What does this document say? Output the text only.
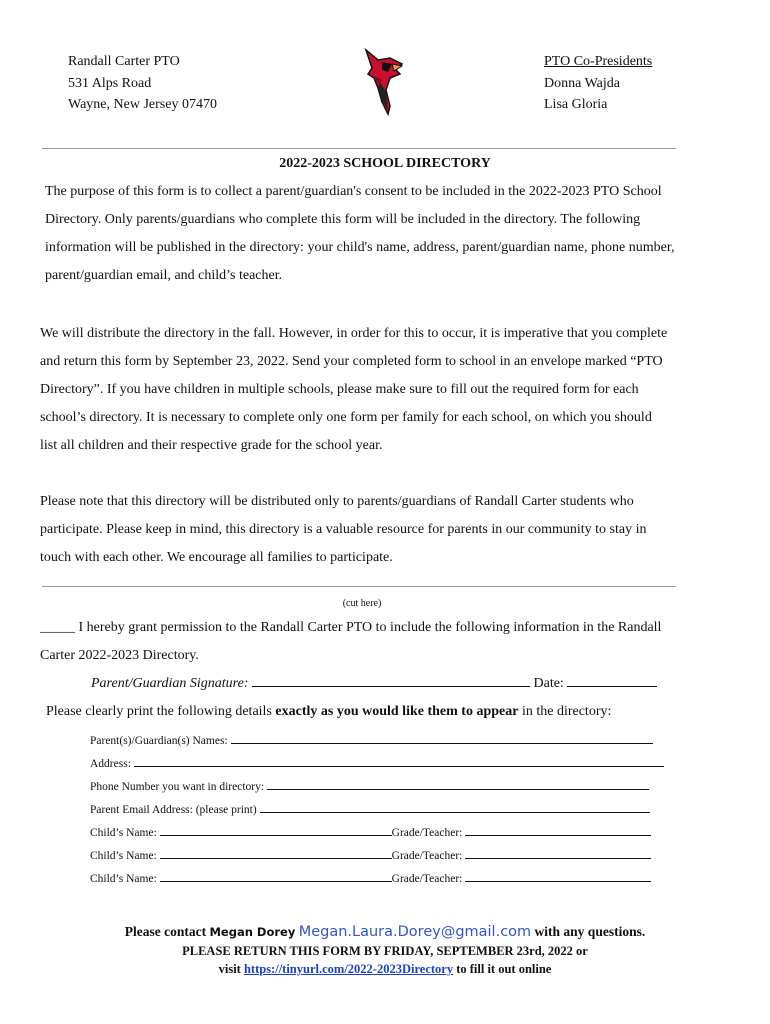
Randall Carter PTO
531 Alps Road
Wayne, New Jersey 07470
PTO Co-Presidents
Donna Wajda
Lisa Gloria
2022-2023 SCHOOL DIRECTORY
The purpose of this form is to collect a parent/guardian's consent to be included in the 2022-2023 PTO School
Directory. Only parents/guardians who complete this form will be included in the directory. The following
information will be published in the directory: your child's name, address, parent/guardian name, phone number,
parent/guardian email, and child’s teacher.
We will distribute the directory in the fall. However, in order for this to occur, it is imperative that you complete
and return this form by September 23, 2022. Send your completed form to school in an envelope marked “PTO
Directory”. If you have children in multiple schools, please make sure to fill out the required form for each
school’s directory. It is necessary to complete only one form per family for each school, on which you should
list all children and their respective grade for the school year.
Please note that this directory will be distributed only to parents/guardians of Randall Carter students who
participate. Please keep in mind, this directory is a valuable resource for parents in our community to stay in
touch with each other. We encourage all families to participate.
(cut here)
_____ I hereby grant permission to the Randall Carter PTO to include the following information in the Randall
Carter 2022-2023 Directory.
Parent/Guardian Signature:	Date:
Please clearly print the following details exactly as you would like them to appear in the directory:
Parent(s)/Guardian(s) Names:
Address:
Phone Number you want in directory:
Parent Email Address: (please print)
Child’s Name:	Grade/Teacher:
Child’s Name:	Grade/Teacher:
Child’s Name:	Grade/Teacher:
Please contact Megan Dorey Megan.Laura.Dorey@gmail.com with any questions.
PLEASE RETURN THIS FORM BY FRIDAY, SEPTEMBER 23rd, 2022 or
visit https://tinyurl.com/2022-2023Directory to fill it out online
